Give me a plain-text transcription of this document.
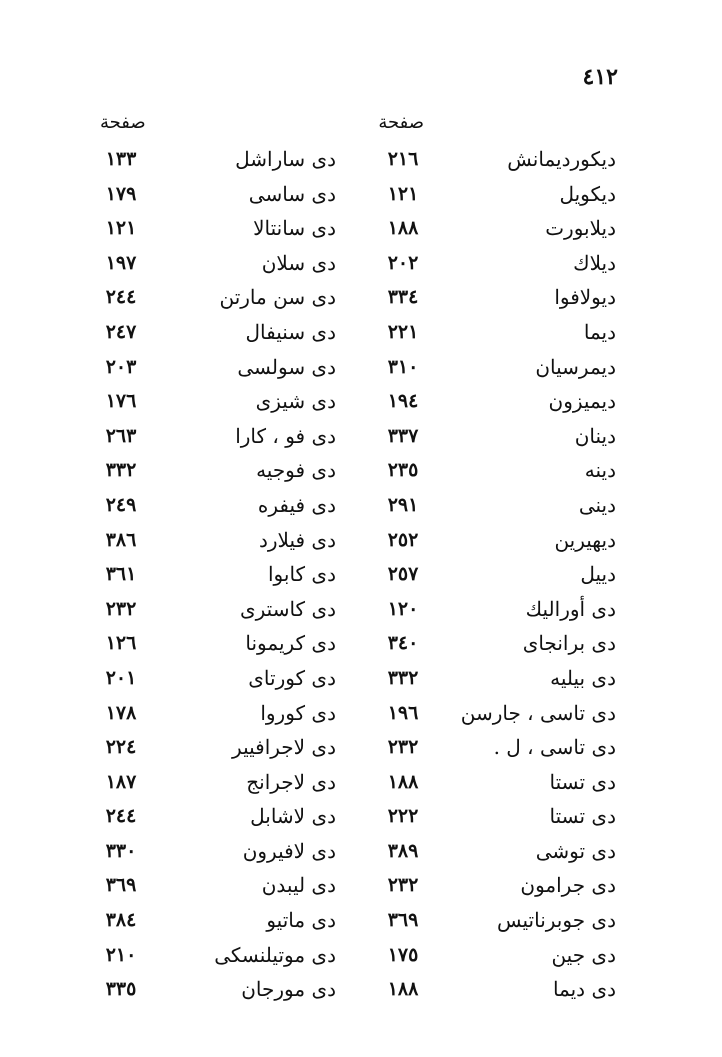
٤١٢
صفحة
صفحة
ديكورديمانش
٢١٦
دى ساراشل
١٣٣
ديكويل
١٢١
دى ساسى
١٧٩
ديلابورت
١٨٨
دى سانتالا
١٢١
ديلاك
٢٠٢
دى سلان
١٩٧
ديولافوا
٣٣٤
دى سن مارتن
٢٤٤
ديما
٢٢١
دى سنيفال
٢٤٧
ديمرسيان
٣١٠
دى سولسى
٢٠٣
ديميزون
١٩٤
دى شيزى
١٧٦
دينان
٣٣٧
دى فو ، كارا
٢٦٣
دينه
٢٣٥
دى فوجيه
٣٣٢
دينى
٢٩١
دى فيفره
٢٤٩
ديهيرين
٢٥٢
دى فيلارد
٣٨٦
دييل
٢٥٧
دى كابوا
٣٦١
دى أوراليك
١٢٠
دى كاسترى
٢٣٢
دى برانجاى
٣٤٠
دى كريمونا
١٢٦
دى بيليه
٣٣٢
دى كورتاى
٢٠١
دى تاسى ، جارسن
١٩٦
دى كوروا
١٧٨
دى تاسى ، ل .
٢٣٢
دى لاجرافيير
٢٢٤
دى تستا
١٨٨
دى لاجرانج
١٨٧
دى تستا
٢٢٢
دى لاشابل
٢٤٤
دى توشى
٣٨٩
دى لافيرون
٣٣٠
دى جرامون
٢٣٢
دى ليبدن
٣٦٩
دى جوبرناتيس
٣٦٩
دى ماتيو
٣٨٤
دى جين
١٧٥
دى موتيلنسكى
٢١٠
دى ديما
١٨٨
دى مورجان
٣٣٥
